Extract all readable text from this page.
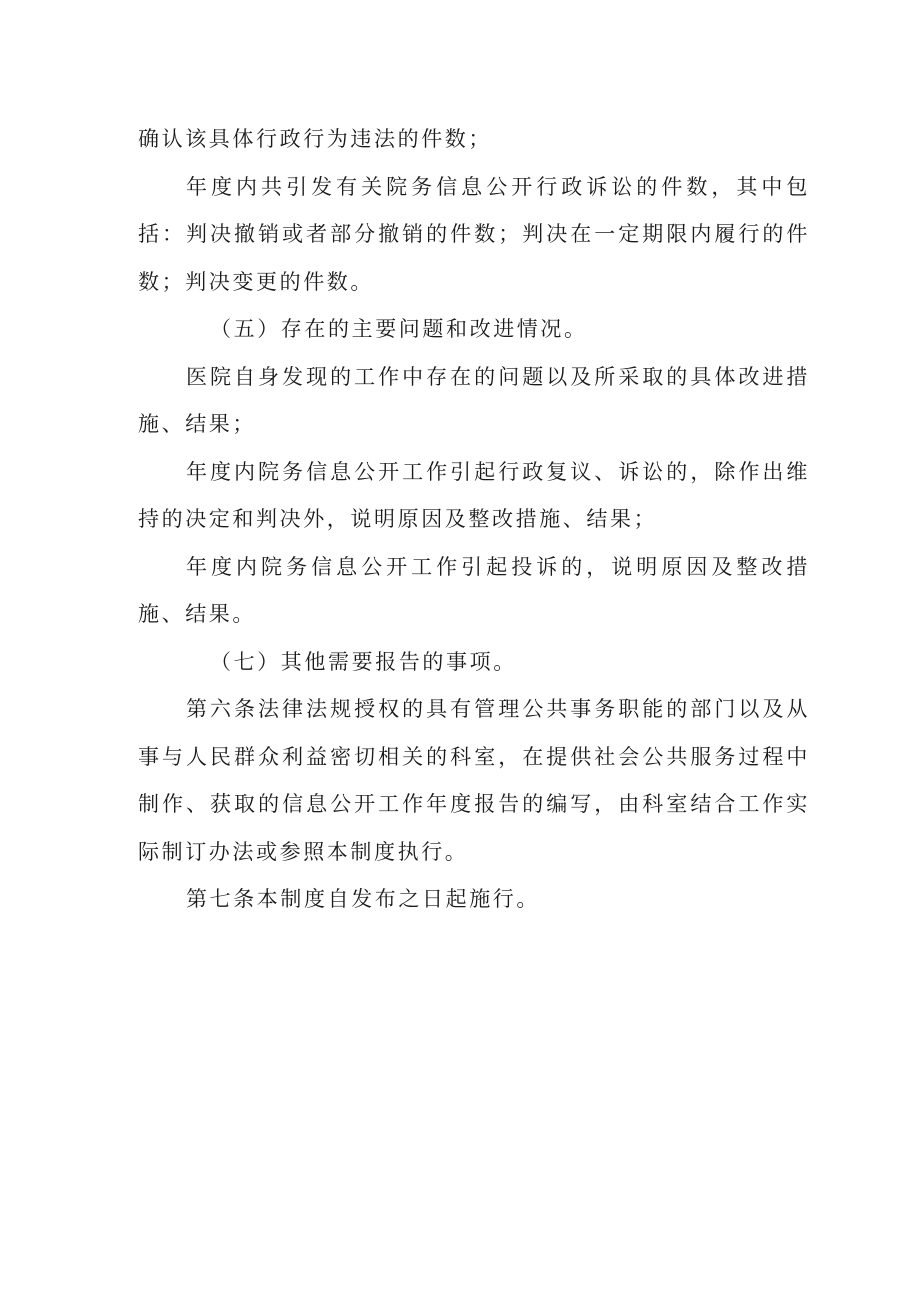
确认该具体行政行为违法的件数；

年度内共引发有关院务信息公开行政诉讼的件数，其中包括：判决撤销或者部分撤销的件数；判决在一定期限内履行的件数；判决变更的件数。

（五）存在的主要问题和改进情况。

医院自身发现的工作中存在的问题以及所采取的具体改进措施、结果；

年度内院务信息公开工作引起行政复议、诉讼的，除作出维持的决定和判决外，说明原因及整改措施、结果；

年度内院务信息公开工作引起投诉的，说明原因及整改措施、结果。

（七）其他需要报告的事项。

第六条法律法规授权的具有管理公共事务职能的部门以及从事与人民群众利益密切相关的科室，在提供社会公共服务过程中制作、获取的信息公开工作年度报告的编写，由科室结合工作实际制订办法或参照本制度执行。

第七条本制度自发布之日起施行。
